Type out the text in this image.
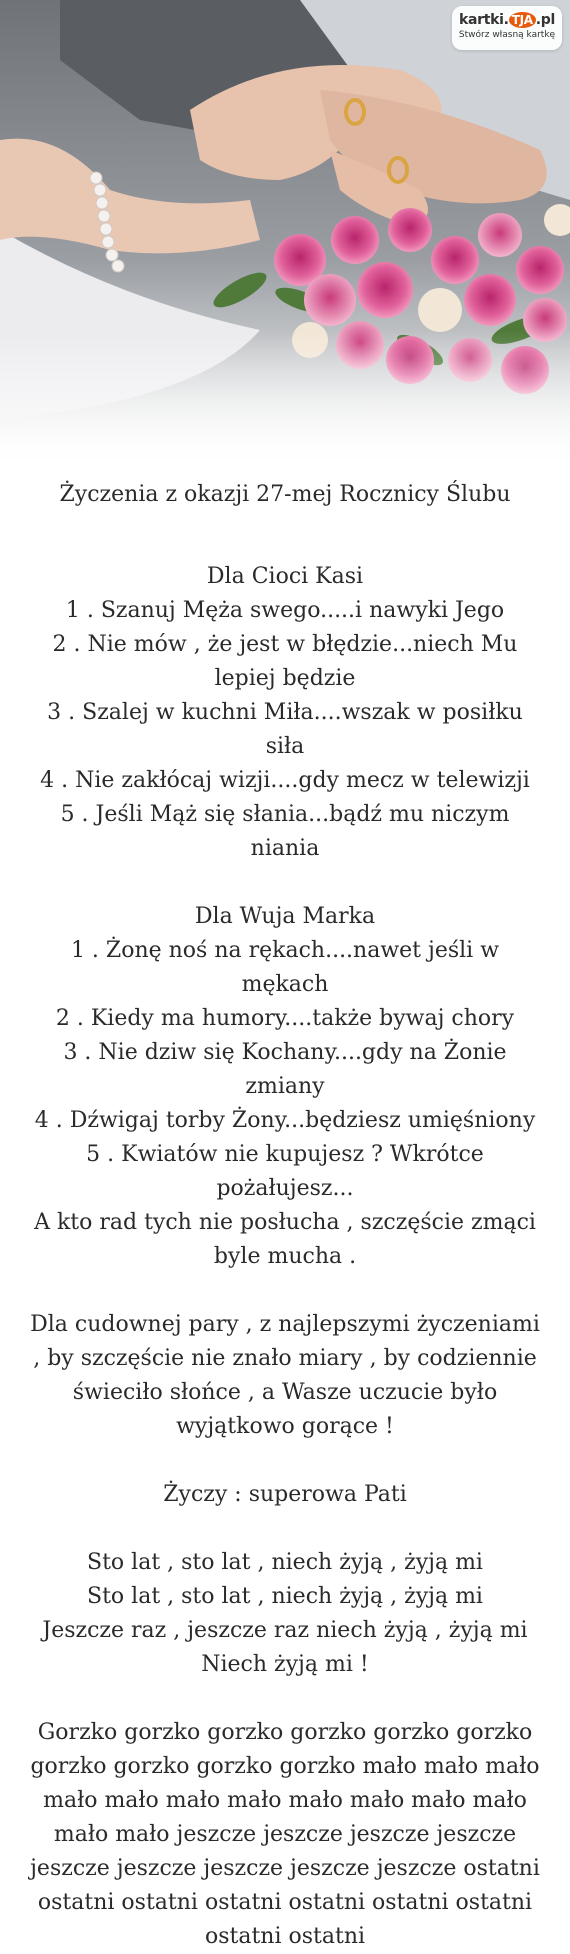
kartki. TJA .pl
Stwórz własną kartkę
Życzenia z okazji 27-mej Rocznicy Ślubu
Dla Cioci Kasi
1 . Szanuj Męża swego.....i nawyki Jego
2 . Nie mów , że jest w błędzie...niech Mu lepiej będzie
3 . Szalej w kuchni Miła....wszak w posiłku siła
4 . Nie zakłócaj wizji....gdy mecz w telewizji
5 . Jeśli Mąż się słania...bądź mu niczym niania
Dla Wuja Marka
1 . Żonę noś na rękach....nawet jeśli w mękach
2 . Kiedy ma humory....także bywaj chory
3 . Nie dziw się Kochany....gdy na Żonie zmiany
4 . Dźwigaj torby Żony...będziesz umięśniony
5 . Kwiatów nie kupujesz ? Wkrótce pożałujesz...
A kto rad tych nie posłucha , szczęście zmąci byle mucha .
Dla cudownej pary , z najlepszymi życzeniami , by szczęście nie znało miary , by codziennie świeciło słońce , a Wasze uczucie było wyjątkowo gorące !
Życzy : superowa Pati
Sto lat , sto lat , niech żyją , żyją mi
Sto lat , sto lat , niech żyją , żyją mi
Jeszcze raz , jeszcze raz niech żyją , żyją mi
Niech żyją mi !
Gorzko gorzko gorzko gorzko gorzko gorzko gorzko gorzko gorzko gorzko mało mało mało mało mało mało mało mało mało mało mało mało mało jeszcze jeszcze jeszcze jeszcze jeszcze jeszcze jeszcze jeszcze jeszcze ostatni ostatni ostatni ostatni ostatni ostatni ostatni ostatni ostatni
